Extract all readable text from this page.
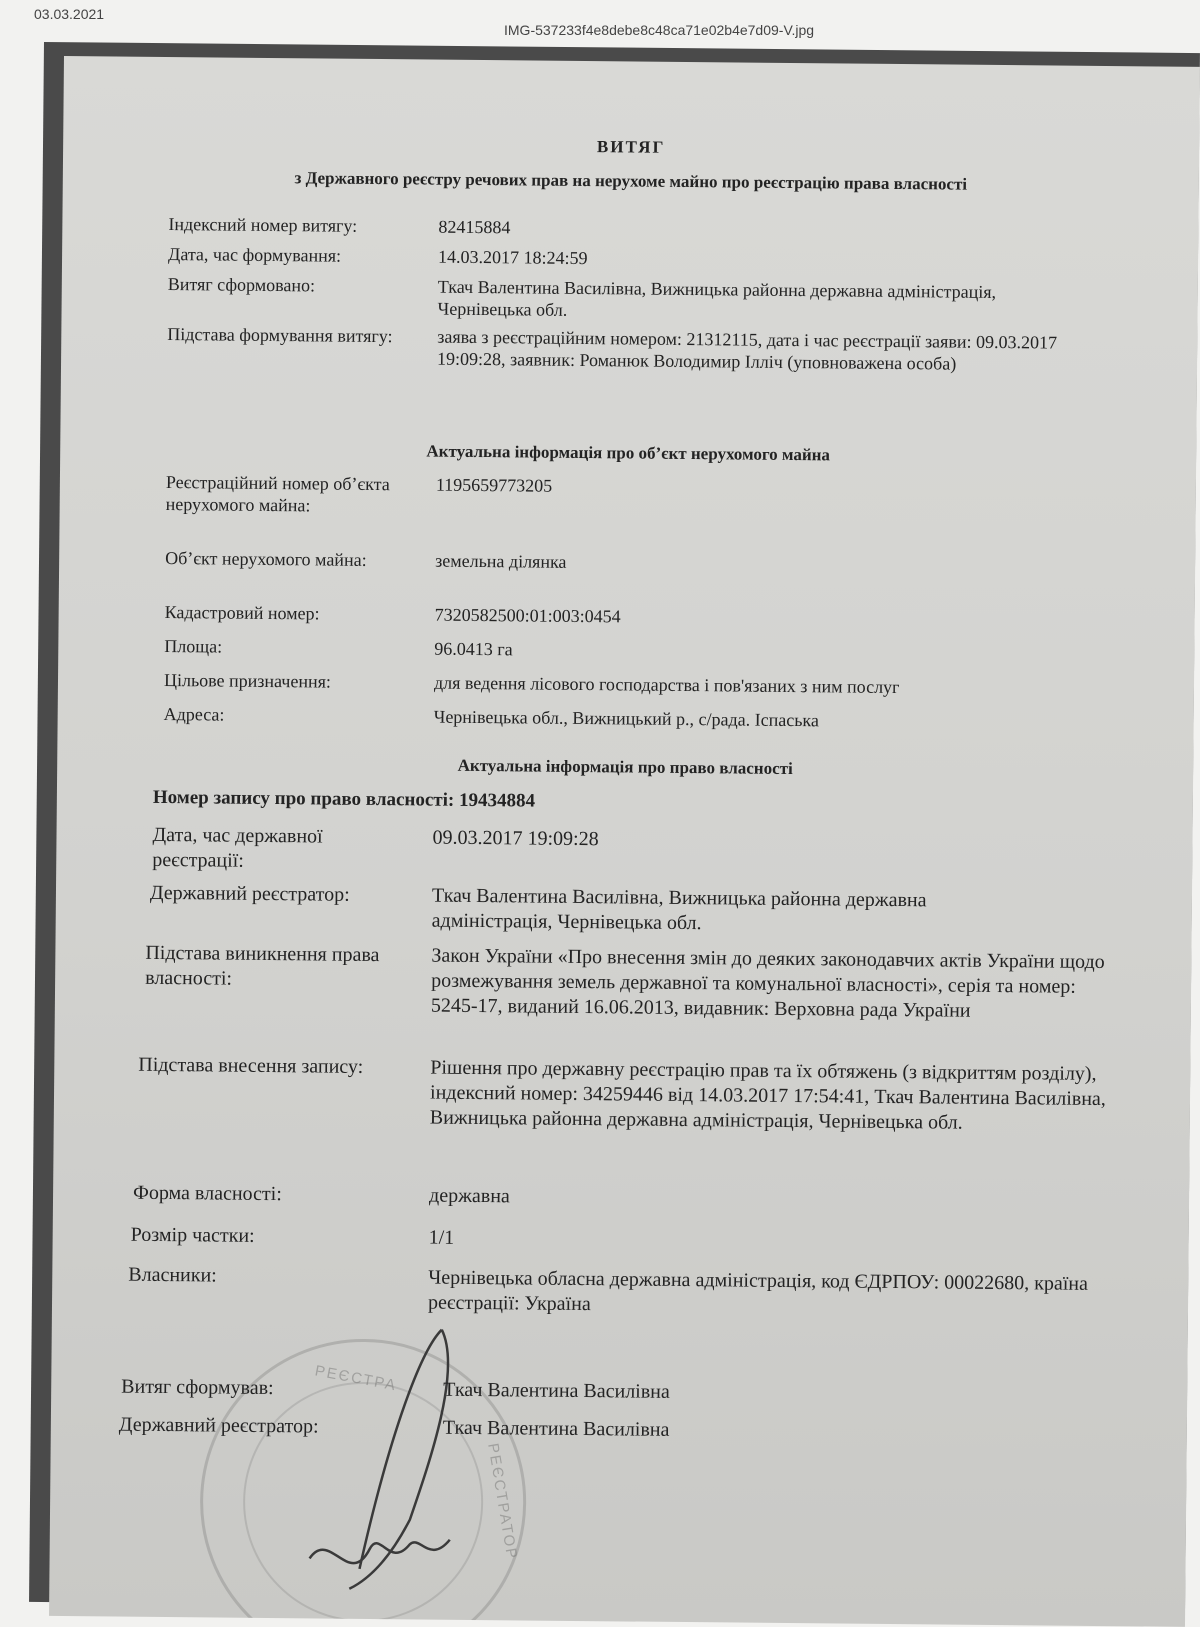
03.03.2021
IMG-537233f4e8debe8c48ca71e02b4e7d09-V.jpg
ВИТЯГ
з Державного реєстру речових прав на нерухоме майно про реєстрацію права власності
Індексний номер витягу:	82415884
Дата, час формування:	14.03.2017 18:24:59
Витяг сформовано:	Ткач Валентина Василівна, Вижницька районна державна адміністрація, Чернівецька обл.
Підстава формування витягу:	заява з реєстраційним номером: 21312115, дата і час реєстрації заяви: 09.03.2017 19:09:28, заявник: Романюк Володимир Ілліч (уповноважена особа)
Актуальна інформація про об’єкт нерухомого майна
Реєстраційний номер об’єкта нерухомого майна:
1195659773205
Об’єкт нерухомого майна:	земельна ділянка
Кадастровий номер:	7320582500:01:003:0454
Площа:	96.0413 га
Цільове призначення:	для ведення лісового господарства і пов'язаних з ним послуг
Адреса:	Чернівецька обл., Вижницький р., с/рада. Іспаська
Актуальна інформація про право власності
Номер запису про право власності: 19434884
Дата, час державної реєстрації:
09.03.2017 19:09:28
Державний реєстратор:	Ткач Валентина Василівна, Вижницька районна державна адміністрація, Чернівецька обл.
Підстава виникнення права власності:
Закон України «Про внесення змін до деяких законодавчих актів України щодо розмежування земель державної та комунальної власності», серія та номер: 5245-17, виданий 16.06.2013, видавник: Верховна рада України
Підстава внесення запису:	Рішення про державну реєстрацію прав та їх обтяжень (з відкриттям розділу), індексний номер: 34259446 від 14.03.2017 17:54:41, Ткач Валентина Василівна, Вижницька районна державна адміністрація, Чернівецька обл.
Форма власності:	державна
Розмір частки:	1/1
Власники:	Чернівецька обласна державна адміністрація, код ЄДРПОУ: 00022680, країна реєстрації: Україна
РЕЄСТРА
РЕЄСТРАТОР
Витяг сформував:	Ткач Валентина Василівна
Державний реєстратор:	Ткач Валентина Василівна
